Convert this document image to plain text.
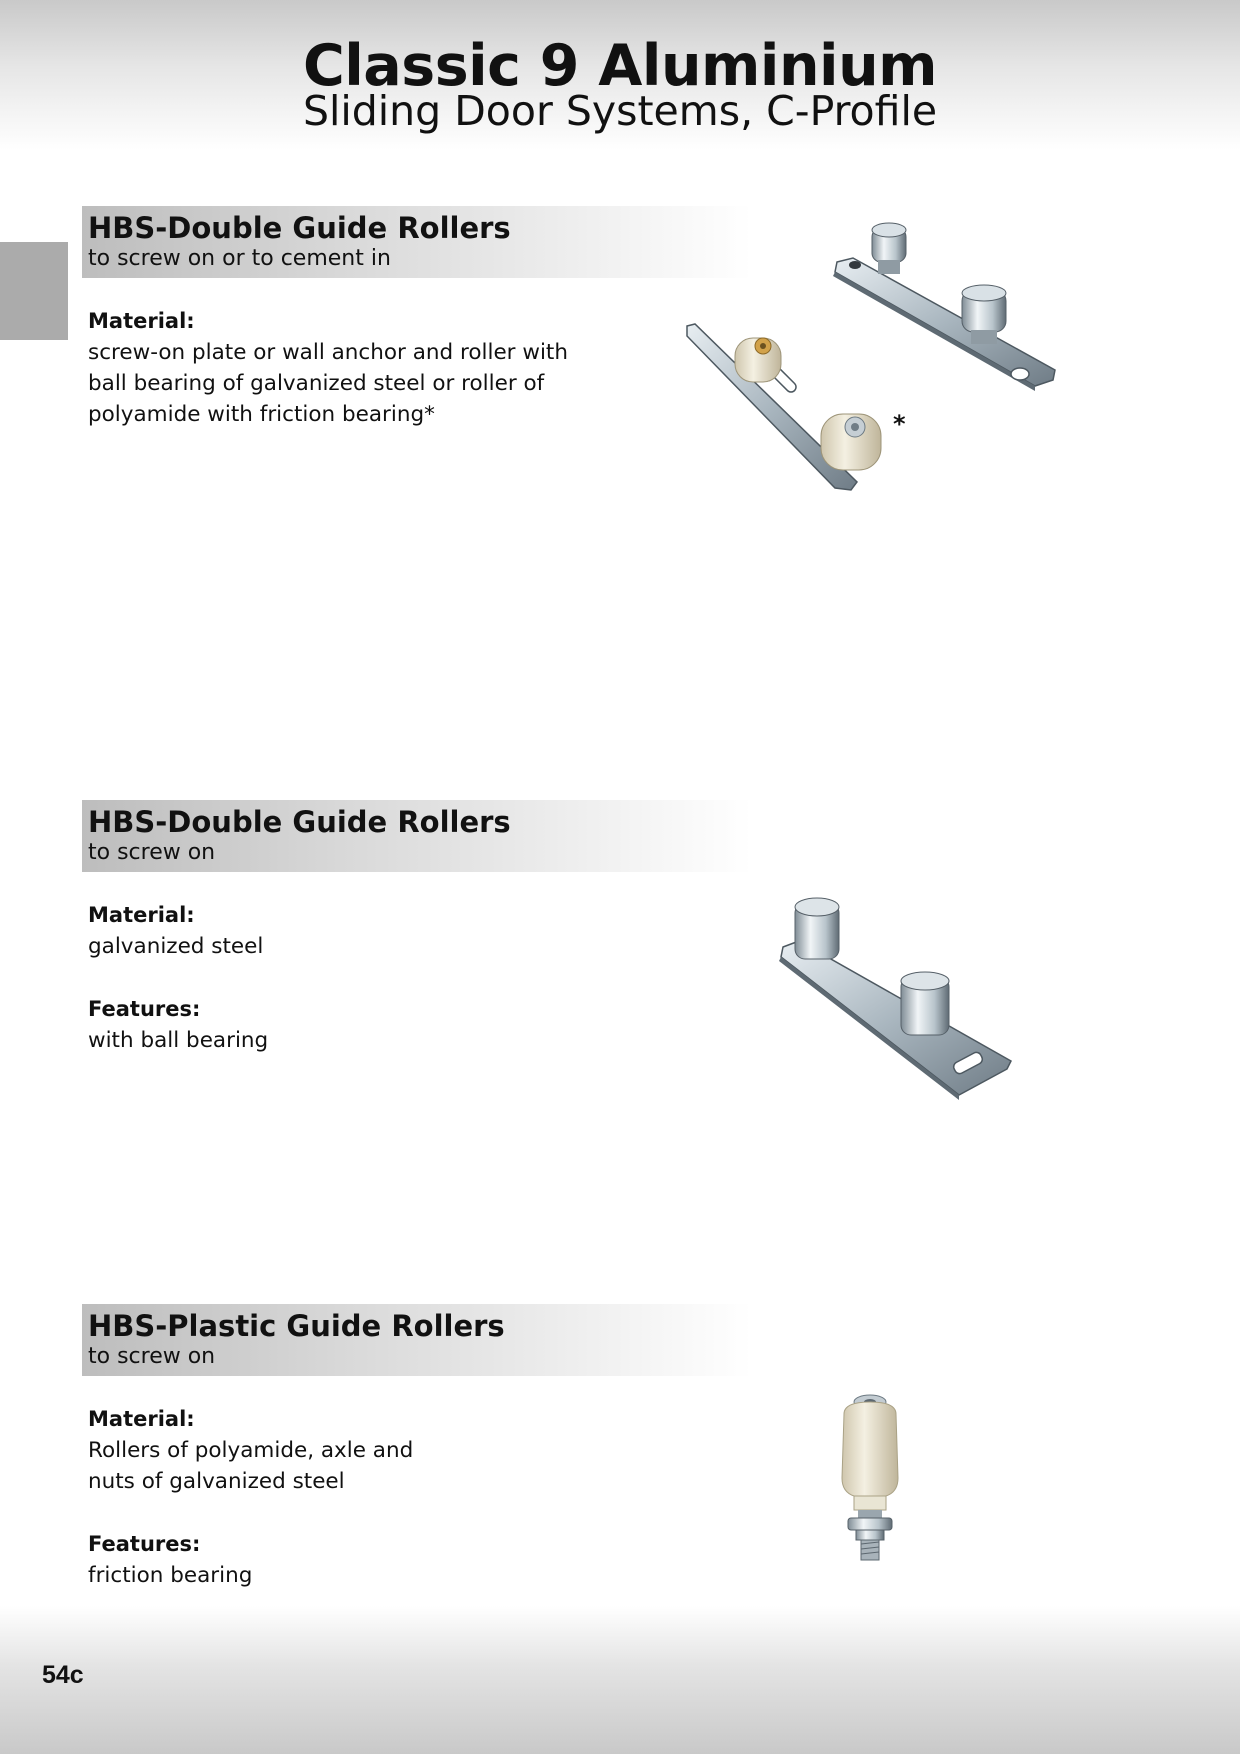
Classic 9 Aluminium
Sliding Door Systems, C-Profile
HBS-Double Guide Rollers
to screw on or to cement in
Material:
screw-on plate or wall anchor and roller with
ball bearing of galvanized steel or roller of
polyamide with friction bearing*	*
HBS-Double Guide Rollers
to screw on
Material:
galvanized steel
Features:
with ball bearing
HBS-Plastic Guide Rollers
to screw on
Material:
Rollers of polyamide, axle and
nuts of galvanized steel
Features:
friction bearing
54c
